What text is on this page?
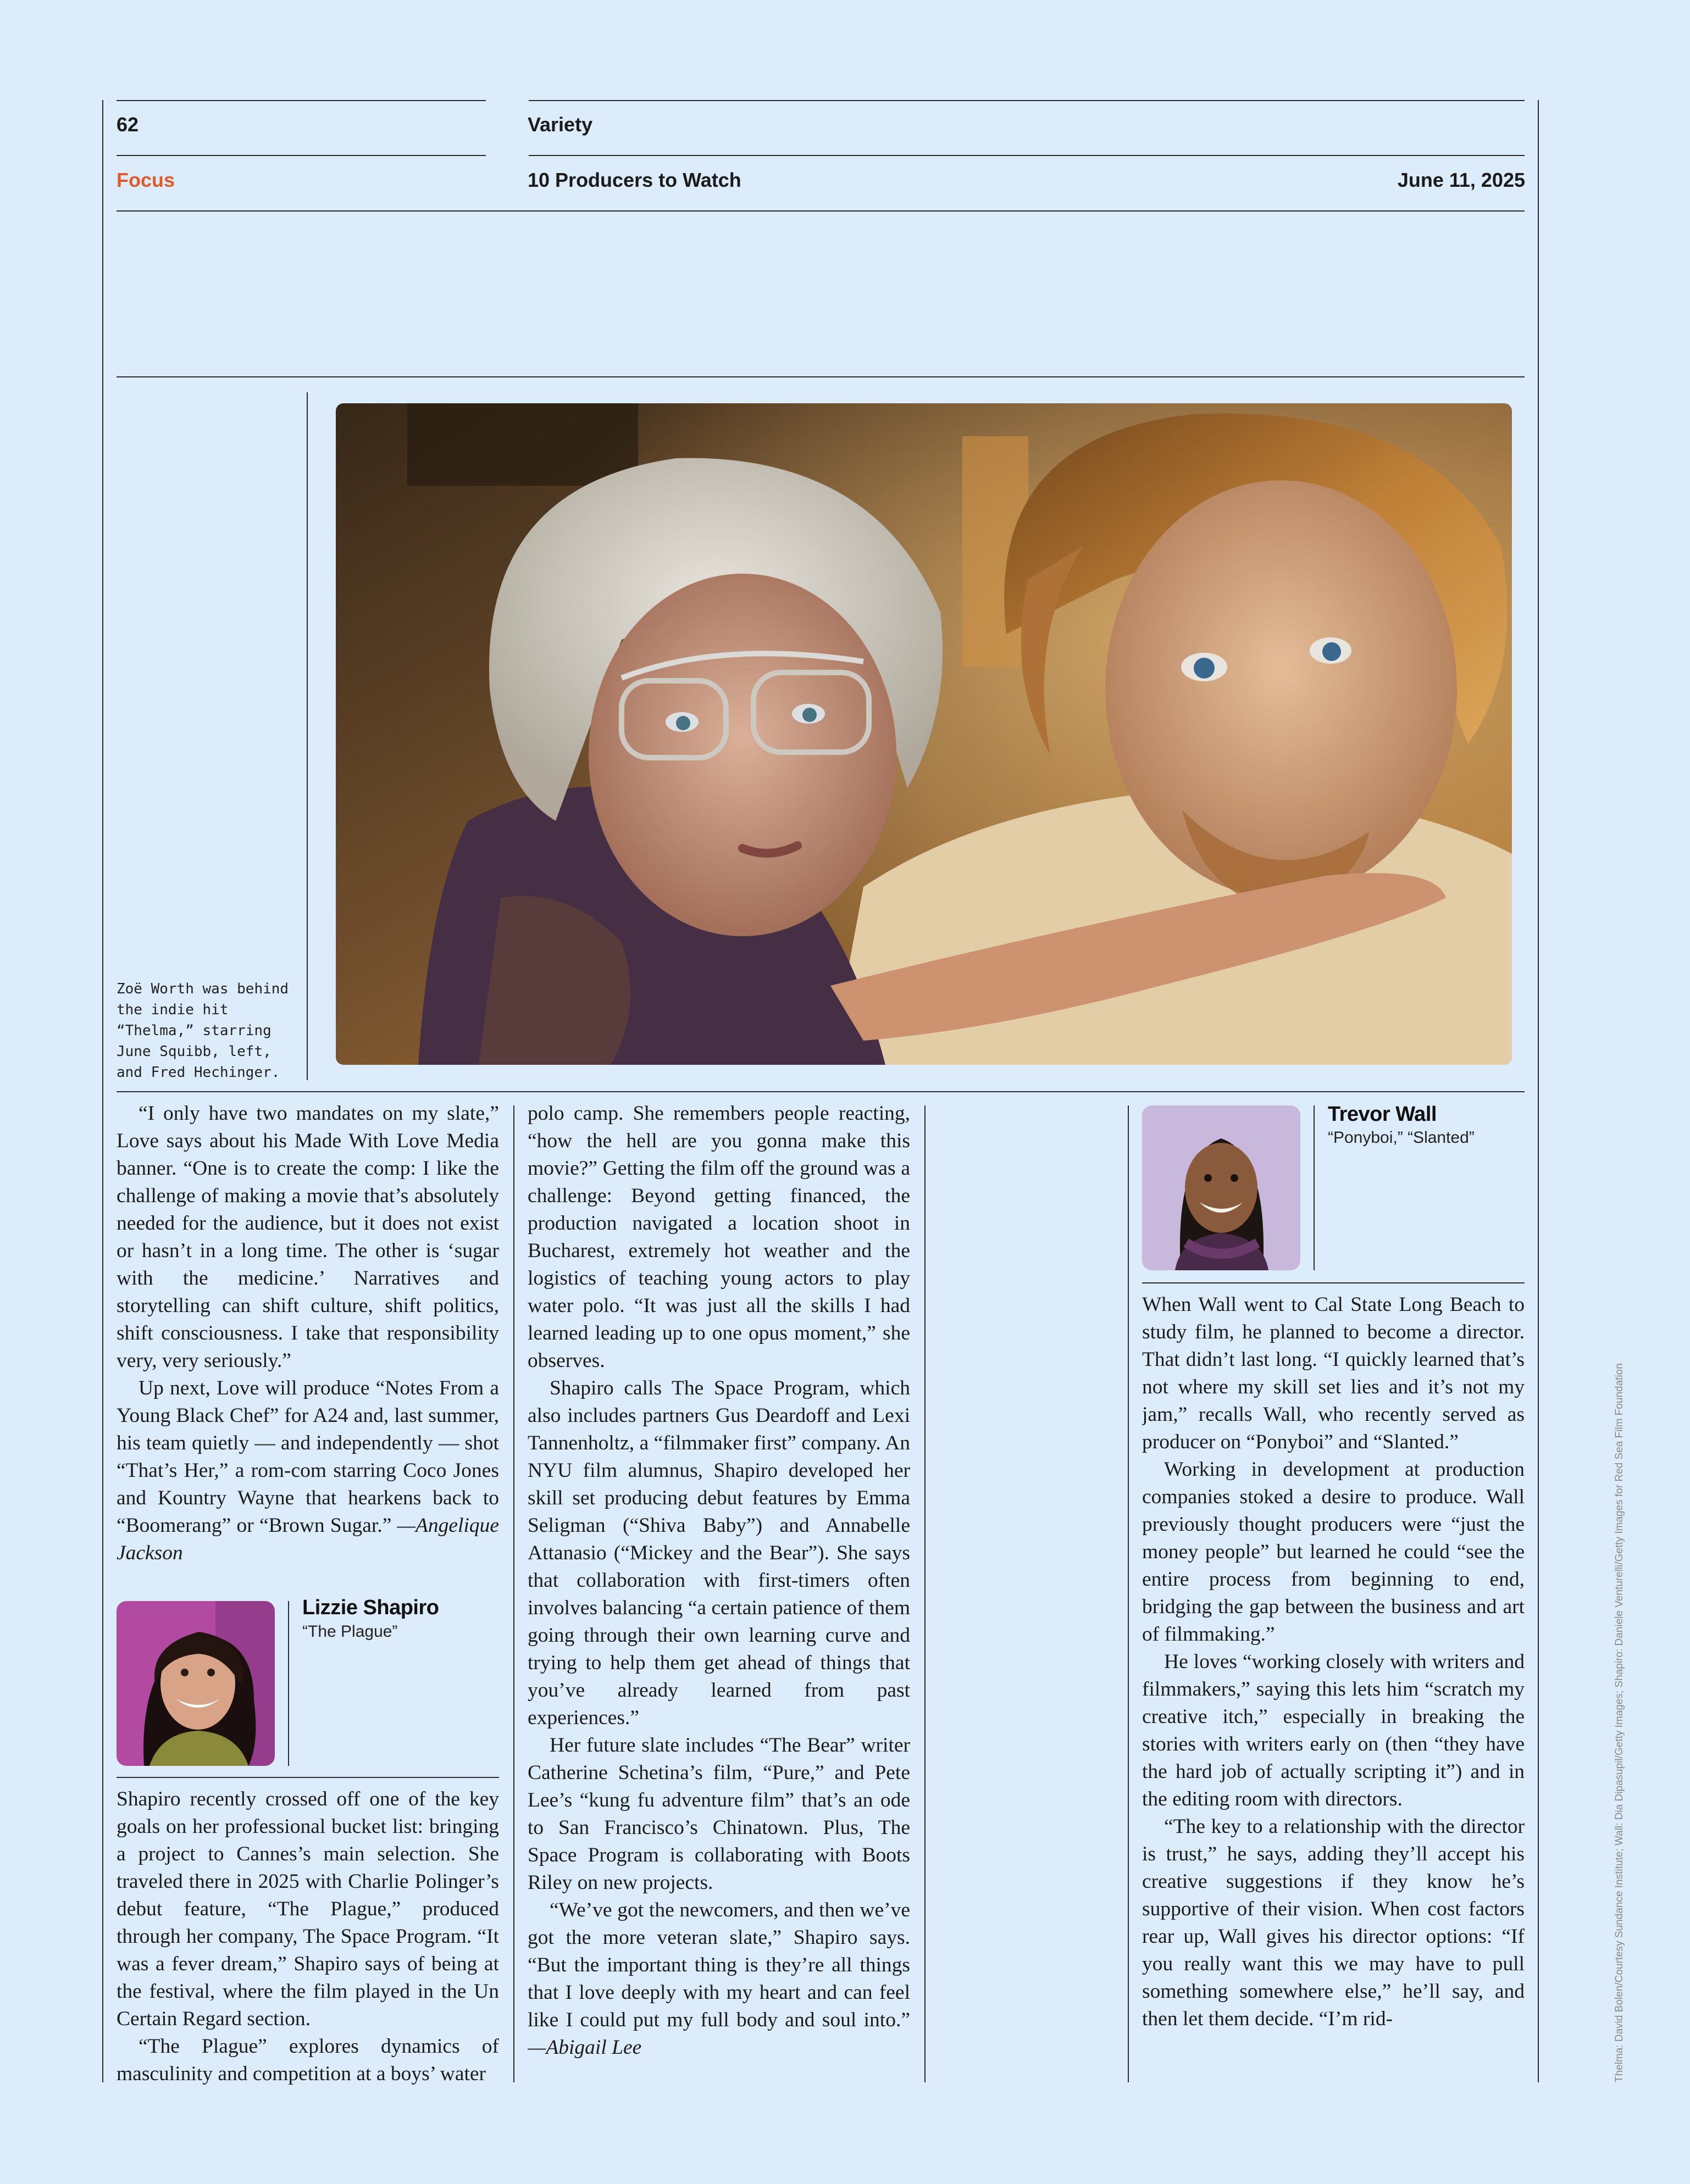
62	Variety
Focus	10 Producers to Watch	June 11, 2025
Zoë Worth was behind the indie hit “Thelma,” starring June Squibb, left, and Fred Hechinger.

“I only have two mandates on my slate,” Love says about his Made With Love Media banner. “One is to create the comp: I like the challenge of making a movie that’s absolutely needed for the audience, but it does not exist or hasn’t in a long time. The other is ‘sugar with the medicine.’ Narratives and storytelling can shift culture, shift politics, shift consciousness. I take that responsibility very, very seriously.”

Up next, Love will produce “Notes From a Young Black Chef” for A24 and, last summer, his team quietly — and independently — shot “That’s Her,” a rom-com starring Coco Jones and Kountry Wayne that hearkens back to “Boomerang” or “Brown Sugar.” —Angelique Jackson

Lizzie Shapiro
“The Plague”

Shapiro recently crossed off one of the key goals on her professional bucket list: bringing a project to Cannes’s main selection. She traveled there in 2025 with Charlie Polinger’s debut feature, “The Plague,” produced through her company, The Space Program. “It was a fever dream,” Shapiro says of being at the festival, where the film played in the Un Certain Regard section.

“The Plague” explores dynamics of masculinity and competition at a boys’ water

polo camp. She remembers people reacting, “how the hell are you gonna make this movie?” Getting the film off the ground was a challenge: Beyond getting financed, the production navigated a location shoot in Bucharest, extremely hot weather and the logistics of teaching young actors to play water polo. “It was just all the skills I had learned leading up to one opus moment,” she observes.

Shapiro calls The Space Program, which also includes partners Gus Deardoff and Lexi Tannenholtz, a “filmmaker first” company. An NYU film alumnus, Shapiro developed her skill set producing debut features by Emma Seligman (“Shiva Baby”) and Annabelle Attanasio (“Mickey and the Bear”). She says that collaboration with first-timers often involves balancing “a certain patience of them going through their own learning curve and trying to help them get ahead of things that you’ve already learned from past experiences.”

Her future slate includes “The Bear” writer Catherine Schetina’s film, “Pure,” and Pete Lee’s “kung fu adventure film” that’s an ode to San Francisco’s Chinatown. Plus, The Space Program is collaborating with Boots Riley on new projects.

“We’ve got the newcomers, and then we’ve got the more veteran slate,” Shapiro says. “But the important thing is they’re all things that I love deeply with my heart and can feel like I could put my full body and soul into.” —Abigail Lee

Trevor Wall
“Ponyboi,” “Slanted”

When Wall went to Cal State Long Beach to study film, he planned to become a director. That didn’t last long. “I quickly learned that’s not where my skill set lies and it’s not my jam,” recalls Wall, who recently served as producer on “Ponyboi” and “Slanted.”

Working in development at production companies stoked a desire to produce. Wall previously thought producers were “just the money people” but learned he could “see the entire process from beginning to end, bridging the gap between the business and art of filmmaking.”

He loves “working closely with writers and filmmakers,” saying this lets him “scratch my creative itch,” especially in breaking the stories with writers early on (then “they have the hard job of actually scripting it”) and in the editing room with directors.

“The key to a relationship with the director is trust,” he says, adding they’ll accept his creative suggestions if they know he’s supportive of their vision. When cost factors rear up, Wall gives his director options: “If you really want this we may have to pull something somewhere else,” he’ll say, and then let them decide. “I’m rid-	Thelma: David Bolen/Courtesy Sundance Institute; Wall: Dia Dipasupil/Getty Images; Shapiro: Daniele Venturelli/Getty Images for Red Sea Film Foundation
